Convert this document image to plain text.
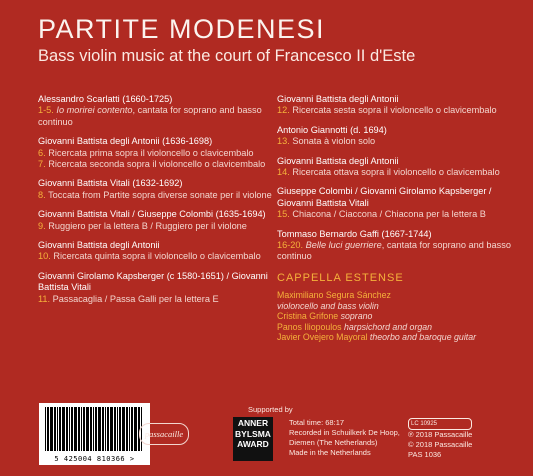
PARTITE MODENESI
Bass violin music at the court of Francesco II d'Este
Alessandro Scarlatti (1660-1725)
1-5. Io morirei contento, cantata for soprano and basso continuo
Giovanni Battista degli Antonii (1636-1698)
6. Ricercata prima sopra il violoncello o clavicembalo
7. Ricercata seconda sopra il violoncello o clavicembalo
Giovanni Battista Vitali (1632-1692)
8. Toccata from Partite sopra diverse sonate per il violone
Giovanni Battista Vitali / Giuseppe Colombi (1635-1694)
9. Ruggiero per la lettera B / Ruggiero per il violone
Giovanni Battista degli Antonii
10. Ricercata quinta sopra il violoncello o clavicembalo
Giovanni Girolamo Kapsberger (c 1580-1651) / Giovanni Battista Vitali
11. Passacaglia / Passa Galli per la lettera E
Giovanni Battista degli Antonii
12. Ricercata sesta sopra il violoncello o clavicembalo
Antonio Giannotti (d. 1694)
13. Sonata à violon solo
Giovanni Battista degli Antonii
14. Ricercata ottava sopra il violoncello o clavicembalo
Giuseppe Colombi / Giovanni Girolamo Kapsberger / Giovanni Battista Vitali
15. Chiacona / Ciaccona / Chiacona per la lettera B
Tommaso Bernardo Gaffi (1667-1744)
16-20. Belle luci guerriere, cantata for soprano and basso continuo
CAPPELLA ESTENSE
Maximiliano Segura Sánchez
violoncello and bass violin
Cristina Grifone soprano
Panos Iliopoulos harpsichord and organ
Javier Ovejero Mayoral theorbo and baroque guitar
5 425004 810366 >
Supported by
passacaille
ANNER BYLSMA AWARD
Total time: 68:17
Recorded in Schuilkerk De Hoop,
Diemen (The Netherlands)
Made in the Netherlands
LC 10925
℗ 2018 Passacaille
© 2018 Passacaille
PAS 1036
